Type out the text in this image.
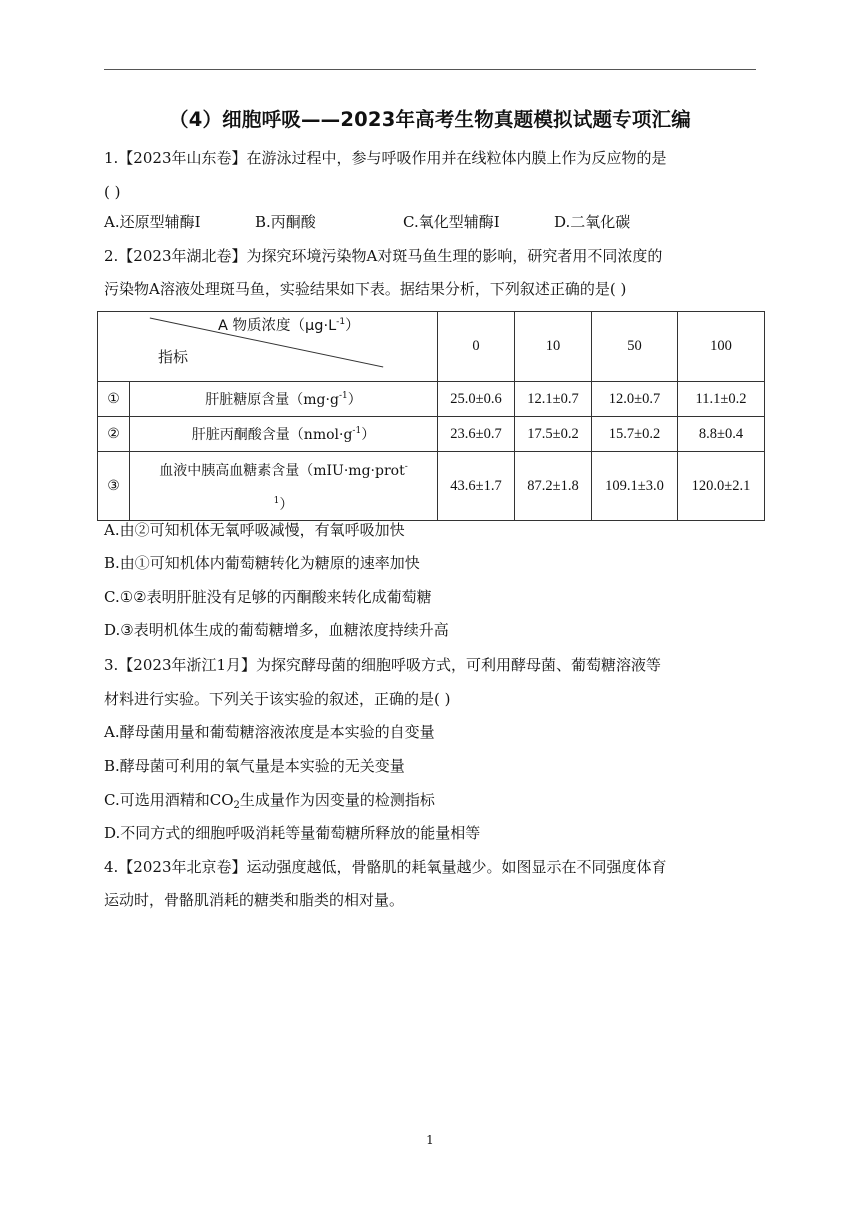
（4）细胞呼吸——2023年高考生物真题模拟试题专项汇编
1.【2023年山东卷】在游泳过程中，参与呼吸作用并在线粒体内膜上作为反应物的是
( )
A.还原型辅酶Ⅰ	B.丙酮酸	C.氧化型辅酶Ⅰ	D.二氧化碳
2.【2023年湖北卷】为探究环境污染物A对斑马鱼生理的影响，研究者用不同浓度的
污染物A溶液处理斑马鱼，实验结果如下表。据结果分析，下列叙述正确的是( )
A 物质浓度$(\mu g\cdot L^{-1})$
指标		0	10	50	100
①	肝脏糖原含量$(mg\cdot g^{-1})$	25.0±0.6	12.1±0.7	12.0±0.7	11.1±0.2
②	肝脏丙酮酸含量$(nmol\cdot g^{-1})$	23.6±0.7	17.5±0.2	15.7±0.2	8.8±0.4
③	血液中胰高血糖素含量（mIU·mg·prot-
$^1$）	43.6±1.7	87.2±1.8	109.1±3.0	120.0±2.1
A.由②可知机体无氧呼吸减慢，有氧呼吸加快
B.由①可知机体内葡萄糖转化为糖原的速率加快
C.①②表明肝脏没有足够的丙酮酸来转化成葡萄糖
D.③表明机体生成的葡萄糖增多，血糖浓度持续升高
3.【2023年浙江1月】为探究酵母菌的细胞呼吸方式，可利用酵母菌、葡萄糖溶液等
材料进行实验。下列关于该实验的叙述，正确的是( )
A.酵母菌用量和葡萄糖溶液浓度是本实验的自变量
B.酵母菌可利用的氧气量是本实验的无关变量
C.可选用酒精和$CO_2$生成量作为因变量的检测指标
D.不同方式的细胞呼吸消耗等量葡萄糖所释放的能量相等
4.【2023年北京卷】运动强度越低，骨骼肌的耗氧量越少。如图显示在不同强度体育
运动时，骨骼肌消耗的糖类和脂类的相对量。
1
